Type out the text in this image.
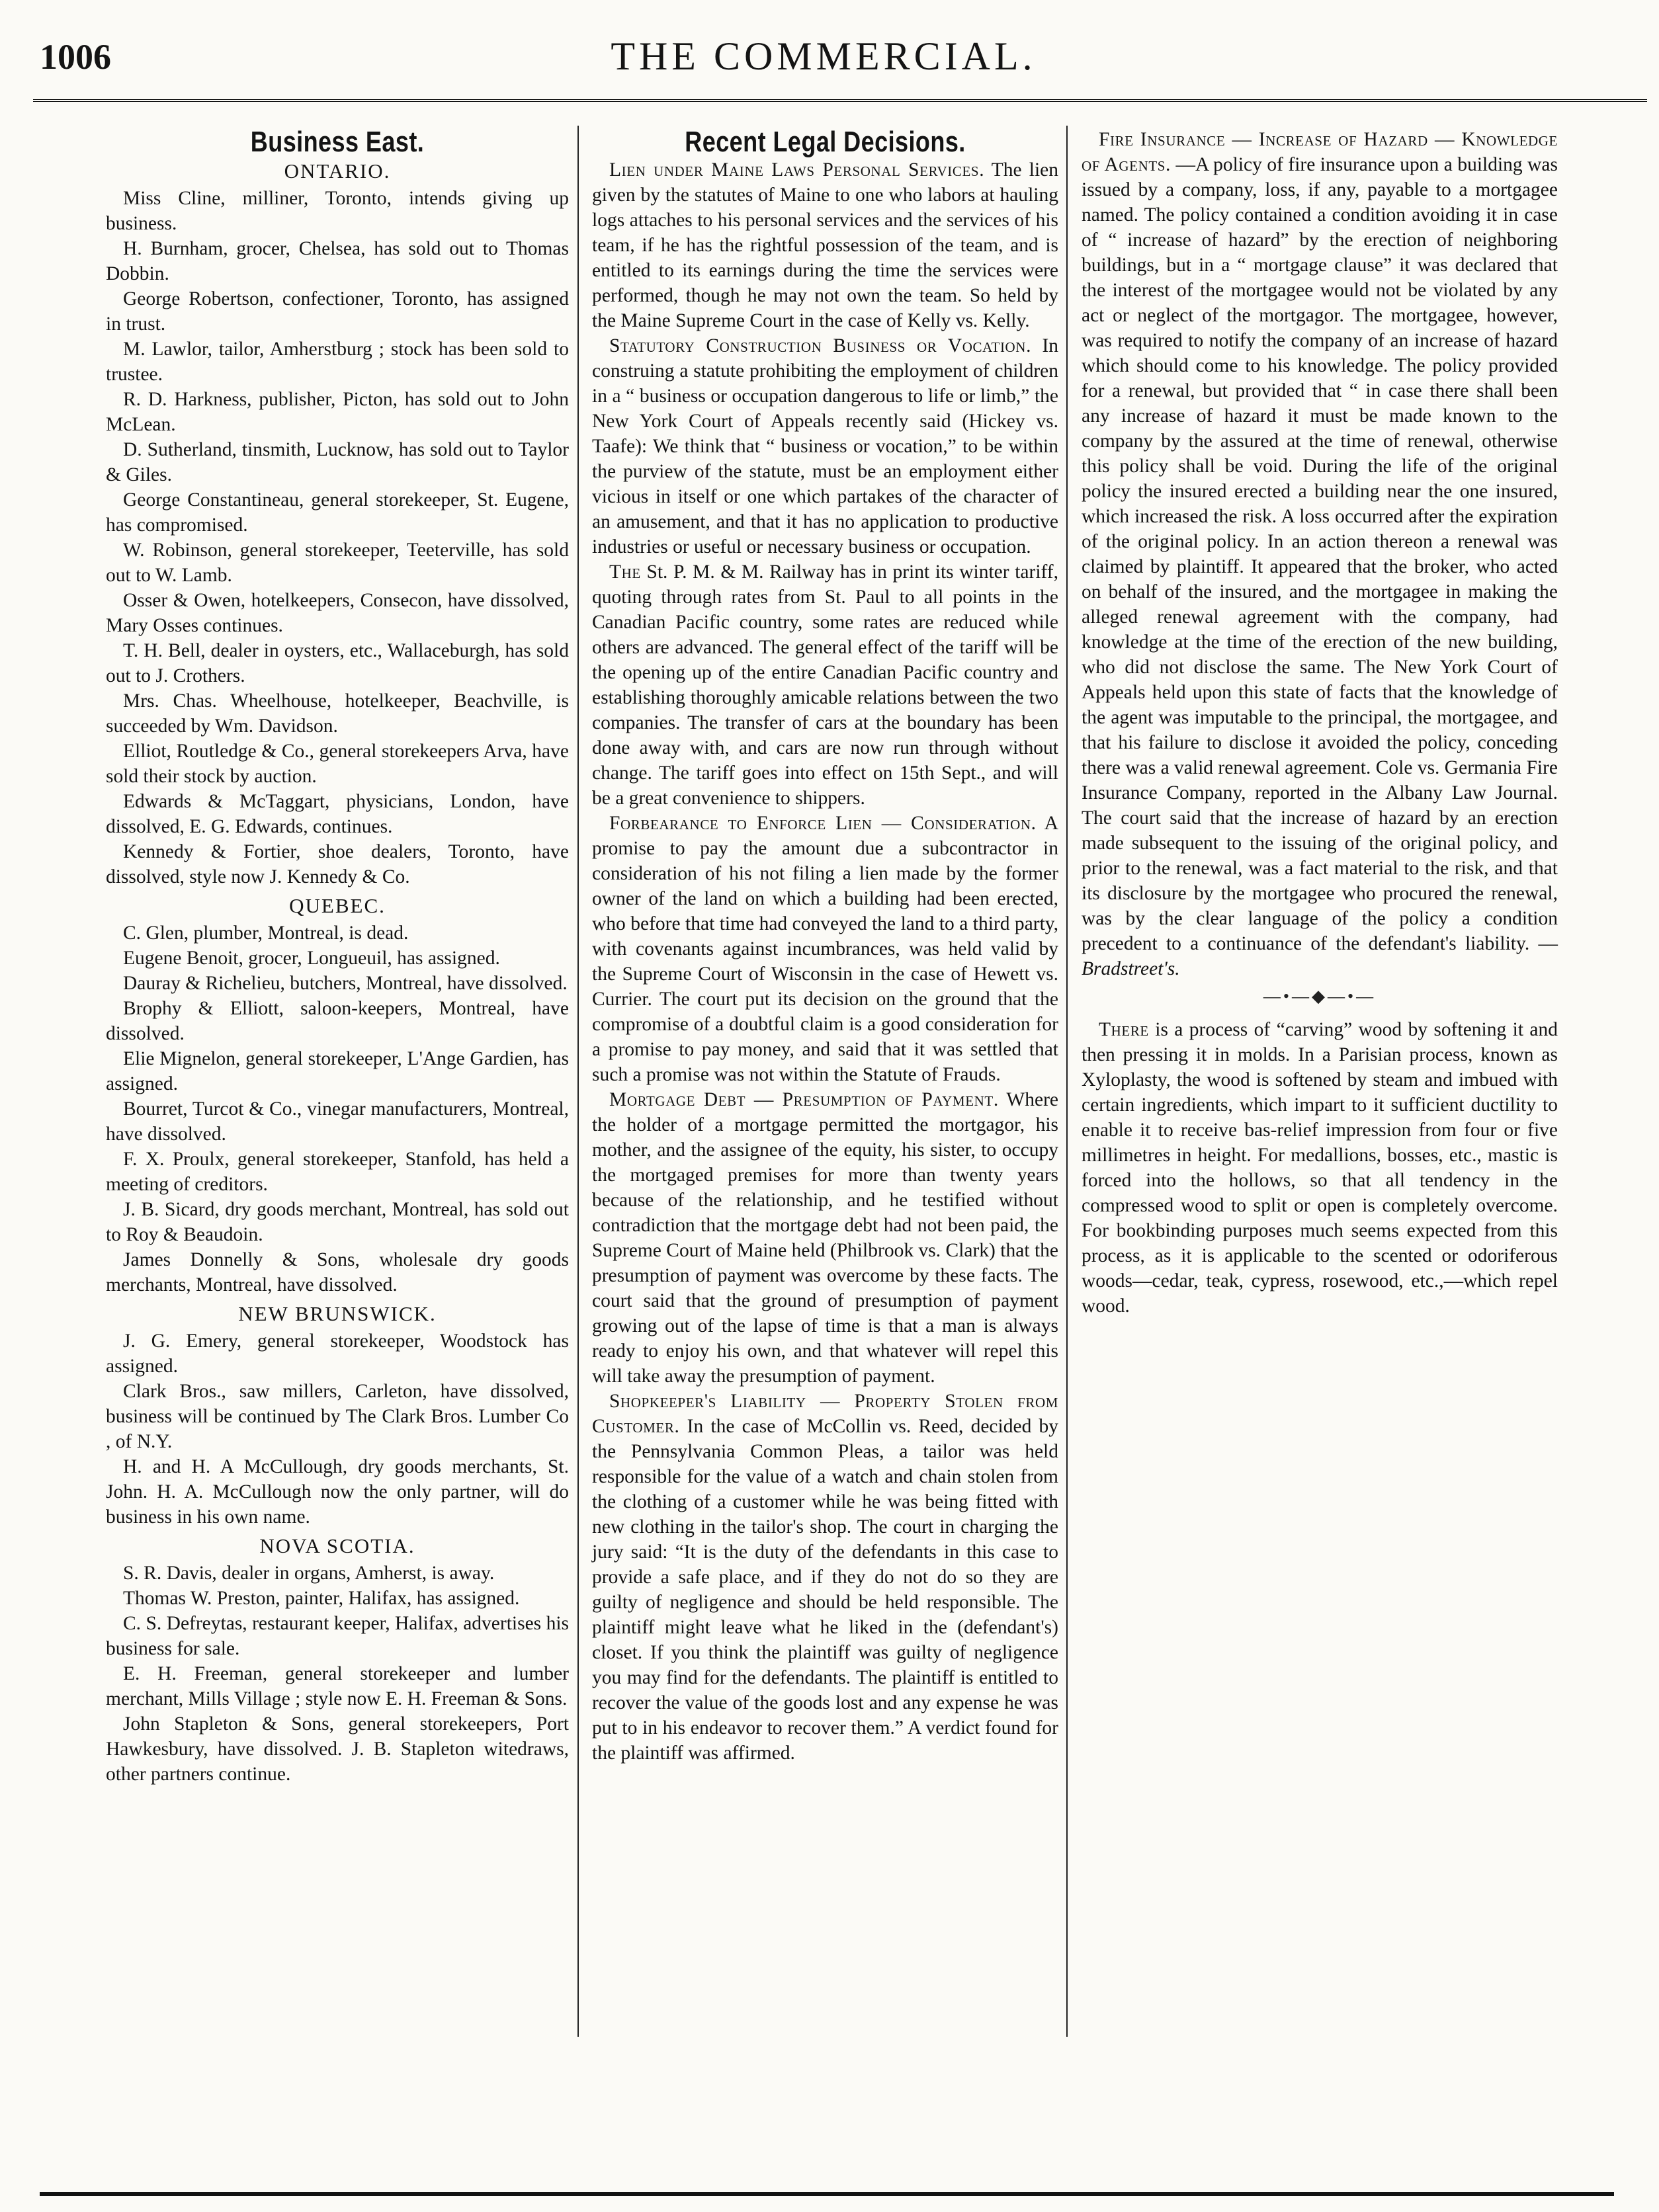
1006	THE COMMERCIAL.
Business East.
ONTARIO.

Miss Cline, milliner, Toronto, intends giving up business.

H. Burnham, grocer, Chelsea, has sold out to Thomas Dobbin.

George Robertson, confectioner, Toronto, has assigned in trust.

M. Lawlor, tailor, Amherstburg ; stock has been sold to trustee.

R. D. Harkness, publisher, Picton, has sold out to John McLean.

D. Sutherland, tinsmith, Lucknow, has sold out to Taylor & Giles.

George Constantineau, general storekeeper, St. Eugene, has compromised.

W. Robinson, general storekeeper, Teeterville, has sold out to W. Lamb.

Osser & Owen, hotelkeepers, Consecon, have dissolved, Mary Osses continues.

T. H. Bell, dealer in oysters, etc., Wallaceburgh, has sold out to J. Crothers.

Mrs. Chas. Wheelhouse, hotelkeeper, Beachville, is succeeded by Wm. Davidson.

Elliot, Routledge & Co., general storekeepers Arva, have sold their stock by auction.

Edwards & McTaggart, physicians, London, have dissolved, E. G. Edwards, continues.

Kennedy & Fortier, shoe dealers, Toronto, have dissolved, style now J. Kennedy & Co.

QUEBEC.

C. Glen, plumber, Montreal, is dead.

Eugene Benoit, grocer, Longueuil, has assigned.

Dauray & Richelieu, butchers, Montreal, have dissolved.

Brophy & Elliott, saloon-keepers, Montreal, have dissolved.

Elie Mignelon, general storekeeper, L'Ange Gardien, has assigned.

Bourret, Turcot & Co., vinegar manufacturers, Montreal, have dissolved.

F. X. Proulx, general storekeeper, Stanfold, has held a meeting of creditors.

J. B. Sicard, dry goods merchant, Montreal, has sold out to Roy & Beaudoin.

James Donnelly & Sons, wholesale dry goods merchants, Montreal, have dissolved.

NEW BRUNSWICK.

J. G. Emery, general storekeeper, Woodstock has assigned.

Clark Bros., saw millers, Carleton, have dissolved, business will be continued by The Clark Bros. Lumber Co , of N.Y.

H. and H. A McCullough, dry goods merchants, St. John. H. A. McCullough now the only partner, will do business in his own name.

NOVA SCOTIA.

S. R. Davis, dealer in organs, Amherst, is away.

Thomas W. Preston, painter, Halifax, has assigned.

C. S. Defreytas, restaurant keeper, Halifax, advertises his business for sale.

E. H. Freeman, general storekeeper and lumber merchant, Mills Village ; style now E. H. Freeman & Sons.

John Stapleton & Sons, general storekeepers, Port Hawkesbury, have dissolved. J. B. Stapleton witedraws, other partners continue.

Recent Legal Decisions.

Lien under Maine Laws Personal Services. The lien given by the statutes of Maine to one who labors at hauling logs attaches to his personal services and the services of his team, if he has the rightful possession of the team, and is entitled to its earnings during the time the services were performed, though he may not own the team. So held by the Maine Supreme Court in the case of Kelly vs. Kelly.

Statutory Construction Business or Vocation. In construing a statute prohibiting the employment of children in a “ business or occupation dangerous to life or limb,” the New York Court of Appeals recently said (Hickey vs. Taafe): We think that “ business or vocation,” to be within the purview of the statute, must be an employment either vicious in itself or one which partakes of the character of an amusement, and that it has no application to productive industries or useful or necessary business or occupation.

The St. P. M. & M. Railway has in print its winter tariff, quoting through rates from St. Paul to all points in the Canadian Pacific country, some rates are reduced while others are advanced. The general effect of the tariff will be the opening up of the entire Canadian Pacific country and establishing thoroughly amicable relations between the two companies. The transfer of cars at the boundary has been done away with, and cars are now run through without change. The tariff goes into effect on 15th Sept., and will be a great convenience to shippers.

Forbearance to Enforce Lien — Consideration. A promise to pay the amount due a subcontractor in consideration of his not filing a lien made by the former owner of the land on which a building had been erected, who before that time had conveyed the land to a third party, with covenants against incumbrances, was held valid by the Supreme Court of Wisconsin in the case of Hewett vs. Currier. The court put its decision on the ground that the compromise of a doubtful claim is a good consideration for a promise to pay money, and said that it was settled that such a promise was not within the Statute of Frauds.

Mortgage Debt — Presumption of Payment. Where the holder of a mortgage permitted the mortgagor, his mother, and the assignee of the equity, his sister, to occupy the mortgaged premises for more than twenty years because of the relationship, and he testified without contradiction that the mortgage debt had not been paid, the Supreme Court of Maine held (Philbrook vs. Clark) that the presumption of payment was overcome by these facts. The court said that the ground of presumption of payment growing out of the lapse of time is that a man is always ready to enjoy his own, and that whatever will repel this will take away the presumption of payment.

Shopkeeper's Liability — Property Stolen from Customer. In the case of McCollin vs. Reed, decided by the Pennsylvania Common Pleas, a tailor was held responsible for the value of a watch and chain stolen from the clothing of a customer while he was being fitted with new clothing in the tailor's shop. The court in charging the jury said: “It is the duty of the defendants in this case to provide a safe place, and if they do not do so they are guilty of negligence and should be held responsible. The plaintiff might leave what he liked in the (defendant's) closet. If you think the plaintiff was guilty of negligence you may find for the defendants. The plaintiff is entitled to recover the value of the goods lost and any expense he was put to in his endeavor to recover them.” A verdict found for the plaintiff was affirmed.

Fire Insurance — Increase of Hazard — Knowledge of Agents. —A policy of fire insurance upon a building was issued by a company, loss, if any, payable to a mortgagee named. The policy contained a condition avoiding it in case of “ increase of hazard” by the erection of neighboring buildings, but in a “ mortgage clause” it was declared that the interest of the mortgagee would not be violated by any act or neglect of the mortgagor. The mortgagee, however, was required to notify the company of an increase of hazard which should come to his knowledge. The policy provided for a renewal, but provided that “ in case there shall been any increase of hazard it must be made known to the company by the assured at the time of renewal, otherwise this policy shall be void. During the life of the original policy the insured erected a building near the one insured, which increased the risk. A loss occurred after the expiration of the original policy. In an action thereon a renewal was claimed by plaintiff. It appeared that the broker, who acted on behalf of the insured, and the mortgagee in making the alleged renewal agreement with the company, had knowledge at the time of the erection of the new building, who did not disclose the same. The New York Court of Appeals held upon this state of facts that the knowledge of the agent was imputable to the principal, the mortgagee, and that his failure to disclose it avoided the policy, conceding there was a valid renewal agreement. Cole vs. Germania Fire Insurance Company, reported in the Albany Law Journal. The court said that the increase of hazard by an erection made subsequent to the issuing of the original policy, and prior to the renewal, was a fact material to the risk, and that its disclosure by the mortgagee who procured the renewal, was by the clear language of the policy a condition precedent to a continuance of the defendant's liability. — Bradstreet's.

—•—◆—•—

There is a process of “carving” wood by softening it and then pressing it in molds. In a Parisian process, known as Xyloplasty, the wood is softened by steam and imbued with certain ingredients, which impart to it sufficient ductility to enable it to receive bas-relief impression from four or five millimetres in height. For medallions, bosses, etc., mastic is forced into the hollows, so that all tendency in the compressed wood to split or open is completely overcome. For bookbinding purposes much seems expected from this process, as it is applicable to the scented or odoriferous woods—cedar, teak, cypress, rosewood, etc.,—which repel wood.
